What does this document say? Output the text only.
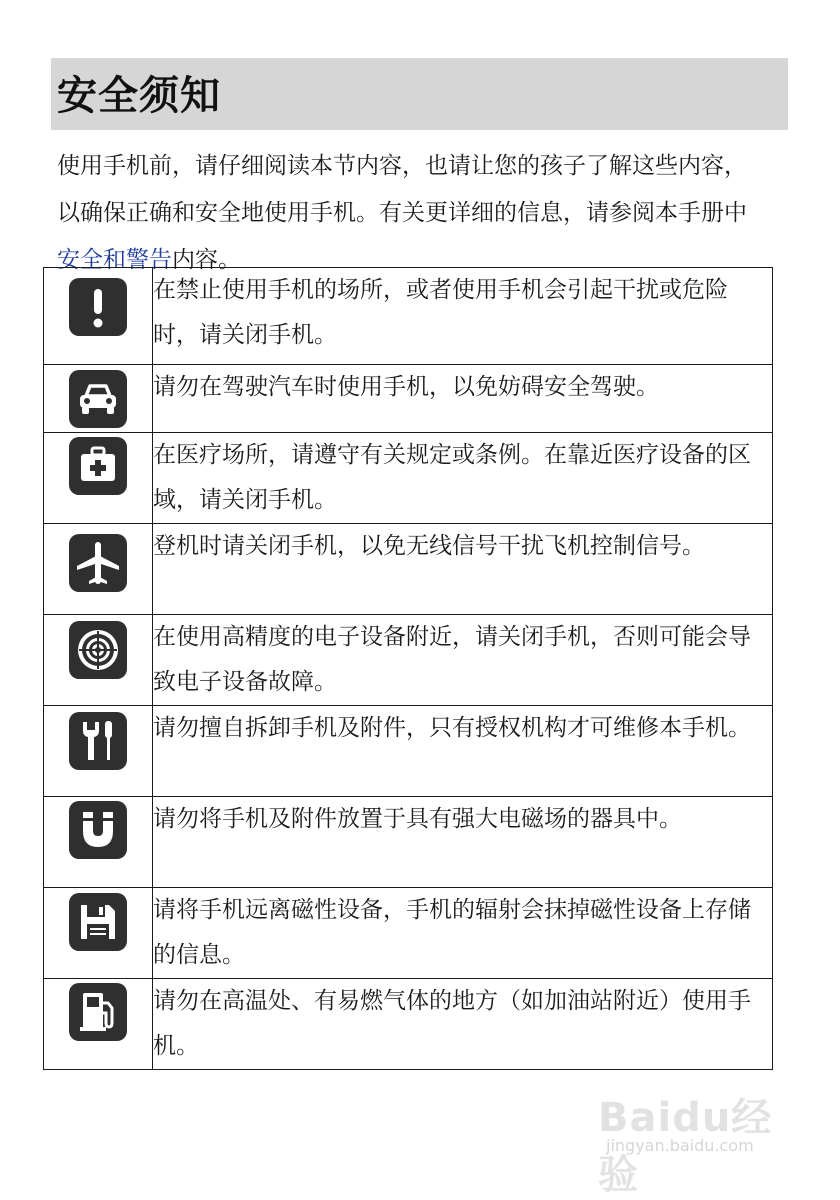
安全须知

使用手机前，请仔细阅读本节内容，也请让您的孩子了解这些内容，以确保正确和安全地使用手机。有关更详细的信息，请参阅本手册中安全和警告内容。

	在禁止使用手机的场所，或者使用手机会引起干扰或危险时，请关闭手机。

	请勿在驾驶汽车时使用手机，以免妨碍安全驾驶。

	在医疗场所，请遵守有关规定或条例。在靠近医疗设备的区域，请关闭手机。

	登机时请关闭手机，以免无线信号干扰飞机控制信号。

	在使用高精度的电子设备附近，请关闭手机，否则可能会导致电子设备故障。

	请勿擅自拆卸手机及附件，只有授权机构才可维修本手机。

	请勿将手机及附件放置于具有强大电磁场的器具中。

	请将手机远离磁性设备，手机的辐射会抹掉磁性设备上存储的信息。

	请勿在高温处、有易燃气体的地方（如加油站附近）使用手机。
Baidu经验
jingyan.baidu.com
